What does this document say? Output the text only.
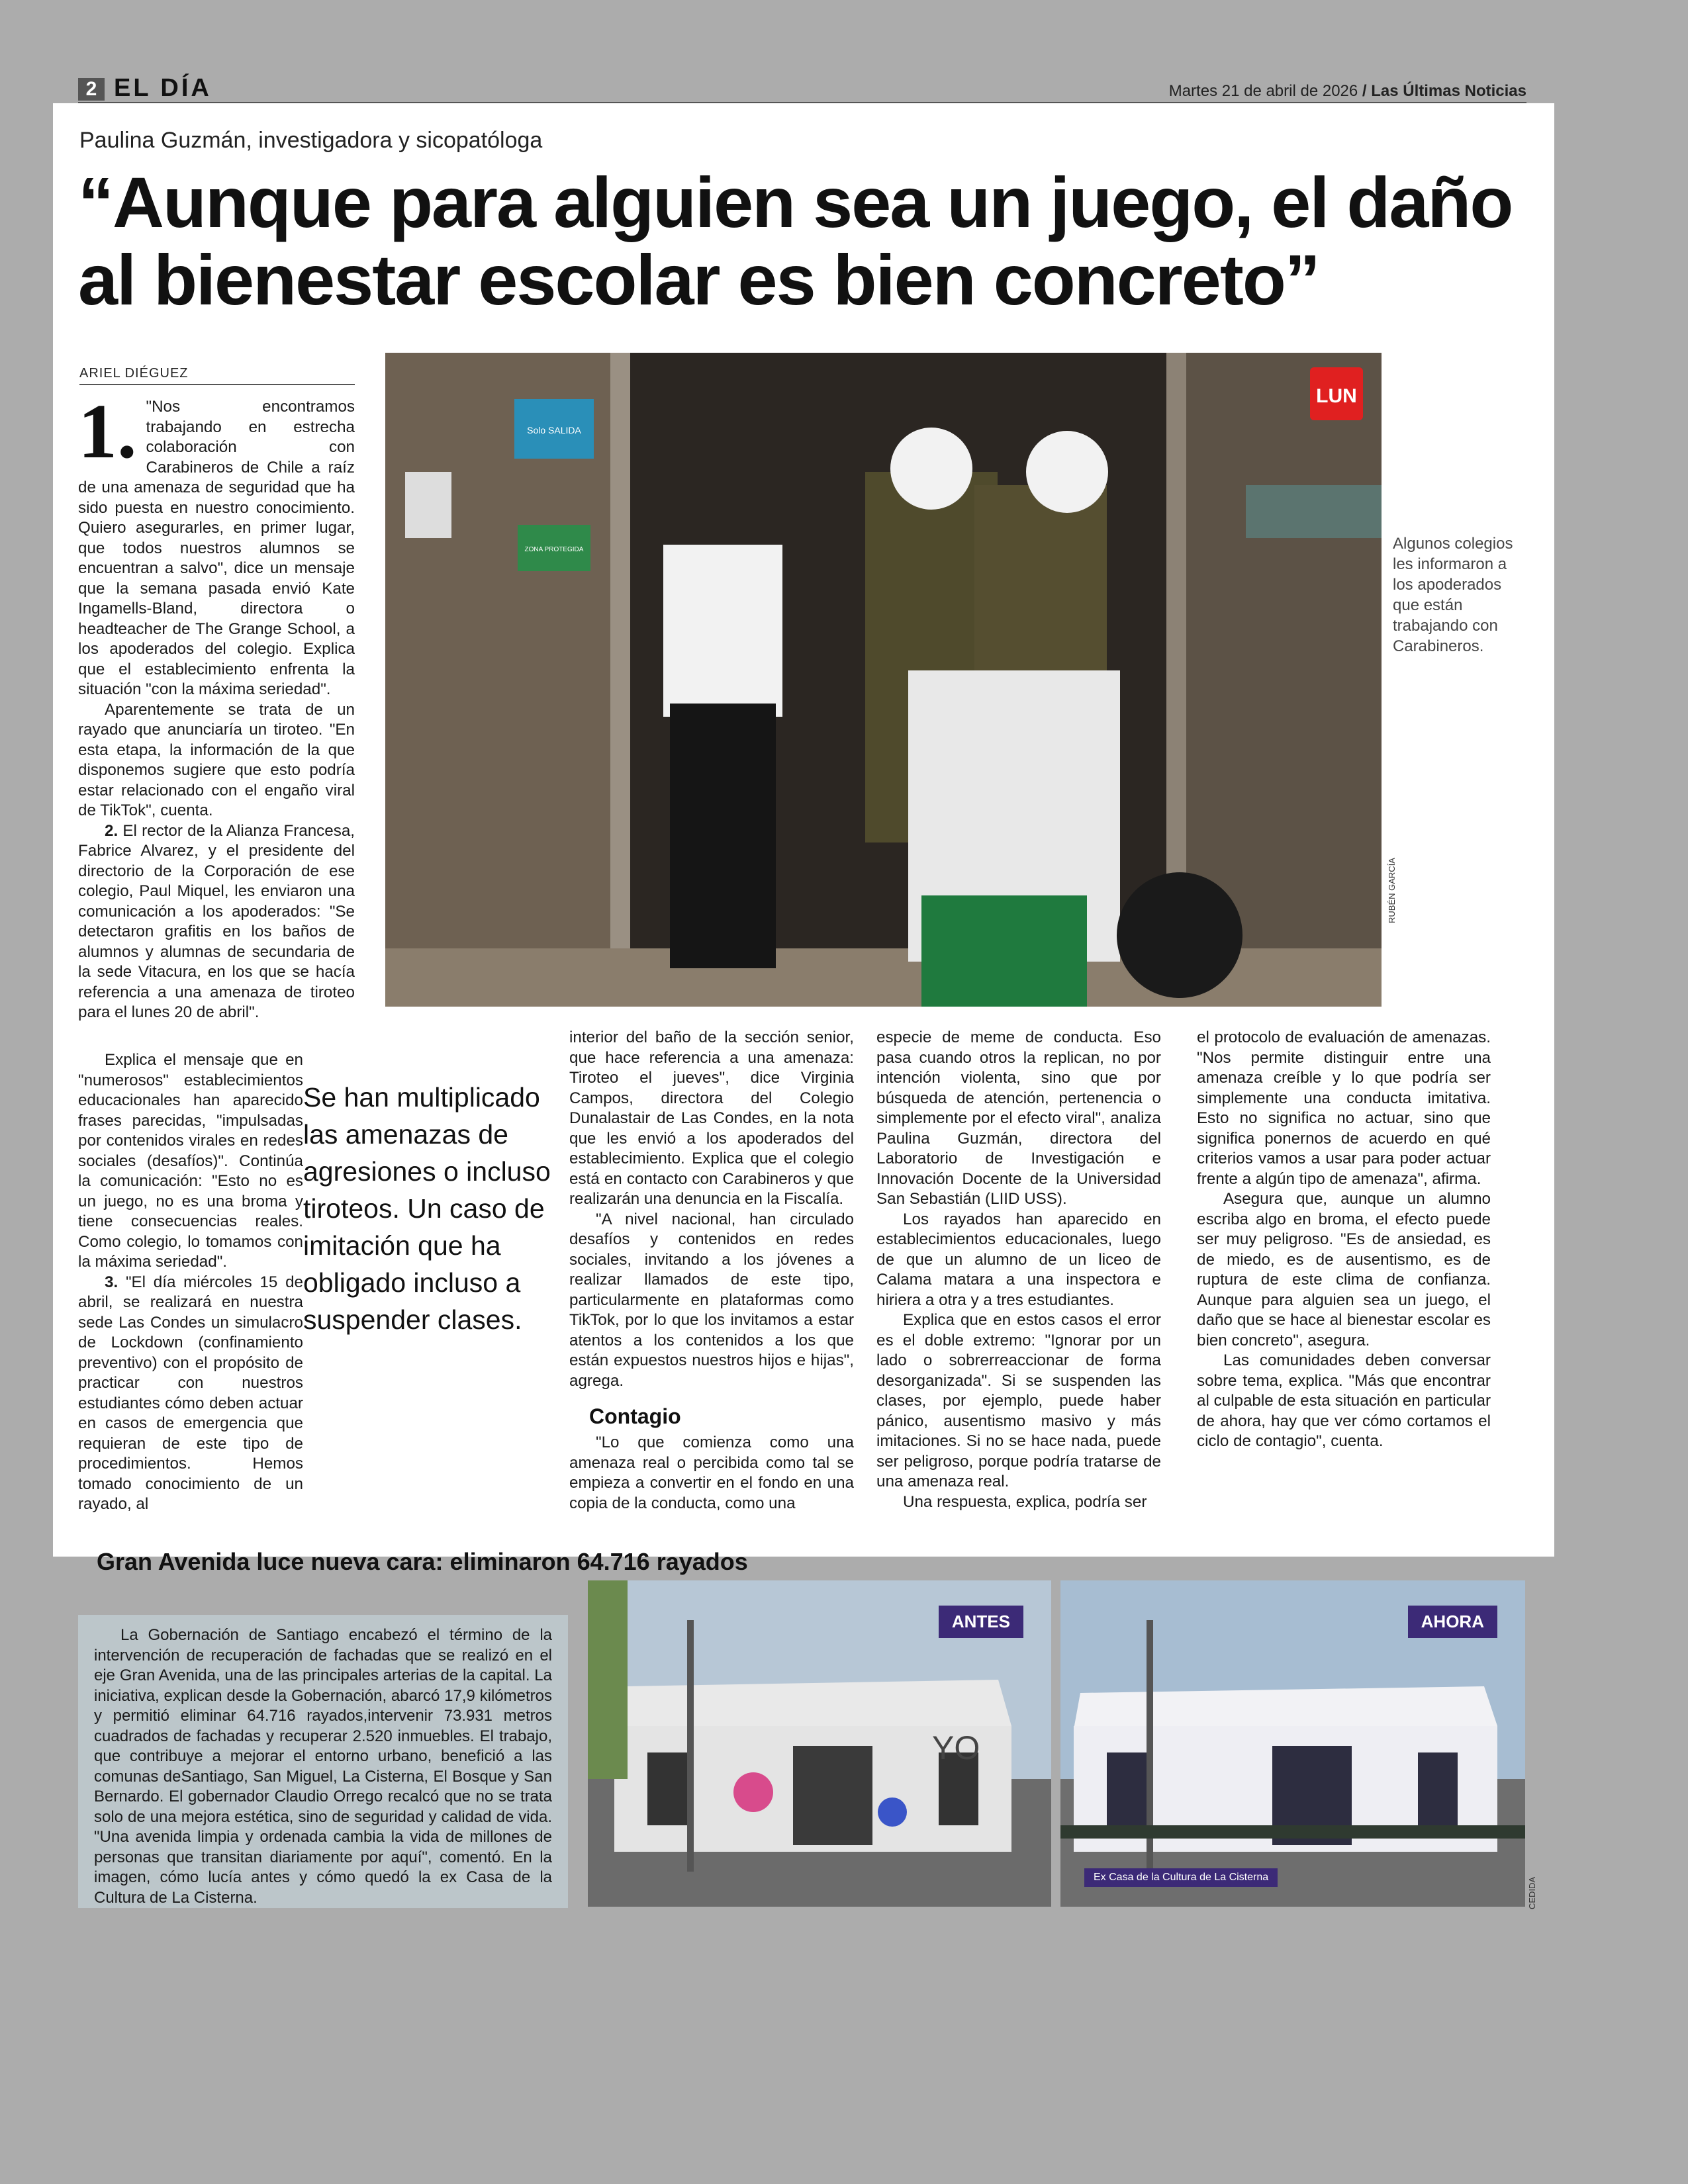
2 EL DÍA	Martes 21 de abril de 2026 / Las Últimas Noticias
Paulina Guzmán, investigadora y sicopatóloga
“Aunque para alguien sea un juego, el daño al bienestar escolar es bien concreto”
ARIEL DIÉGUEZ
1. "Nos encontramos trabajando en estrecha colaboración con Carabineros de Chile a raíz de una amenaza de seguridad que ha sido puesta en nuestro conocimiento. Quiero asegurarles, en primer lugar, que todos nuestros alumnos se encuentran a salvo", dice un mensaje que la semana pasada envió Kate Ingamells-Bland, directora o headteacher de The Grange School, a los apoderados del colegio. Explica que el establecimiento enfrenta la situación "con la máxima seriedad".

Aparentemente se trata de un rayado que anunciaría un tiroteo. "En esta etapa, la información de la que disponemos sugiere que esto podría estar relacionado con el engaño viral de TikTok", cuenta.

2. El rector de la Alianza Francesa, Fabrice Alvarez, y el presidente del directorio de la Corporación de ese colegio, Paul Miquel, les enviaron una comunicación a los apoderados: "Se detectaron grafitis en los baños de alumnos y alumnas de secundaria de la sede Vitacura, en los que se hacía referencia a una amenaza de tiroteo para el lunes 20 de abril".

Explica el mensaje que en "numerosos" establecimientos educacionales han aparecido frases parecidas, "impulsadas por contenidos virales en redes sociales (desafíos)". Continúa la comunicación: "Esto no es un juego, no es una broma y tiene consecuencias reales. Como colegio, lo tomamos con la máxima seriedad".

3. "El día miércoles 15 de abril, se realizará en nuestra sede Las Condes un simulacro de Lockdown (confinamiento preventivo) con el propósito de practicar con nuestros estudiantes cómo deben actuar en casos de emergencia que requieran de este tipo de procedimientos. Hemos tomado conocimiento de un rayado, al

Se han multiplicado las amenazas de agresiones o incluso tiroteos. Un caso de imitación que ha obligado incluso a suspender clases.

interior del baño de la sección senior, que hace referencia a una amenaza: Tiroteo el jueves", dice Virginia Campos, directora del Colegio Dunalastair de Las Condes, en la nota que les envió a los apoderados del establecimiento. Explica que el colegio está en contacto con Carabineros y que realizarán una denuncia en la Fiscalía.

"A nivel nacional, han circulado desafíos y contenidos en redes sociales, invitando a los jóvenes a realizar llamados de este tipo, particularmente en plataformas como TikTok, por lo que los invitamos a estar atentos a los contenidos a los que están expuestos nuestros hijos e hijas", agrega.

Contagio

"Lo que comienza como una amenaza real o percibida como tal se empieza a convertir en el fondo en una copia de la conducta, como una

especie de meme de conducta. Eso pasa cuando otros la replican, no por intención violenta, sino que por búsqueda de atención, pertenencia o simplemente por el efecto viral", analiza Paulina Guzmán, directora del Laboratorio de Investigación e Innovación Docente de la Universidad San Sebastián (LIID USS).

Los rayados han aparecido en establecimientos educacionales, luego de que un alumno de un liceo de Calama matara a una inspectora e hiriera a otra y a tres estudiantes.

Explica que en estos casos el error es el doble extremo: "Ignorar por un lado o sobrerreaccionar de forma desorganizada". Si se suspenden las clases, por ejemplo, puede haber pánico, ausentismo masivo y más imitaciones. Si no se hace nada, puede ser peligroso, porque podría tratarse de una amenaza real.

Una respuesta, explica, podría ser

el protocolo de evaluación de amenazas. "Nos permite distinguir entre una amenaza creíble y lo que podría ser simplemente una conducta imitativa. Esto no significa no actuar, sino que significa ponernos de acuerdo en qué criterios vamos a usar para poder actuar frente a algún tipo de amenaza", afirma.

Asegura que, aunque un alumno escriba algo en broma, el efecto puede ser muy peligroso. "Es de ansiedad, es de miedo, es de ausentismo, es de ruptura de este clima de confianza. Aunque para alguien sea un juego, el daño que se hace al bienestar escolar es bien concreto", asegura.

Las comunidades deben conversar sobre tema, explica. "Más que encontrar al culpable de esta situación en particular de ahora, hay que ver cómo cortamos el ciclo de contagio", cuenta.

Solo SALIDA
ZONA PROTEGIDA
LUN
RUBÉN GARCÍA
Algunos colegios les informaron a los apoderados que están trabajando con Carabineros.
Gran Avenida luce nueva cara: eliminaron 64.716 rayados

La Gobernación de Santiago encabezó el término de la intervención de recuperación de fachadas que se realizó en el eje Gran Avenida, una de las principales arterias de la capital. La iniciativa, explican desde la Gobernación, abarcó 17,9 kilómetros y permitió eliminar 64.716 rayados,intervenir 73.931 metros cuadrados de fachadas y recuperar 2.520 inmuebles. El trabajo, que contribuye a mejorar el entorno urbano, benefició a las comunas deSantiago, San Miguel, La Cisterna, El Bosque y San Bernardo. El gobernador Claudio Orrego recalcó que no se trata solo de una mejora estética, sino de seguridad y calidad de vida. "Una avenida limpia y ordenada cambia la vida de millones de personas que transitan diariamente por aquí", comentó. En la imagen, cómo lucía antes y cómo quedó la ex Casa de la Cultura de La Cisterna.

YO
ANTES	AHORA
Ex Casa de la Cultura de La Cisterna	CEDIDA
